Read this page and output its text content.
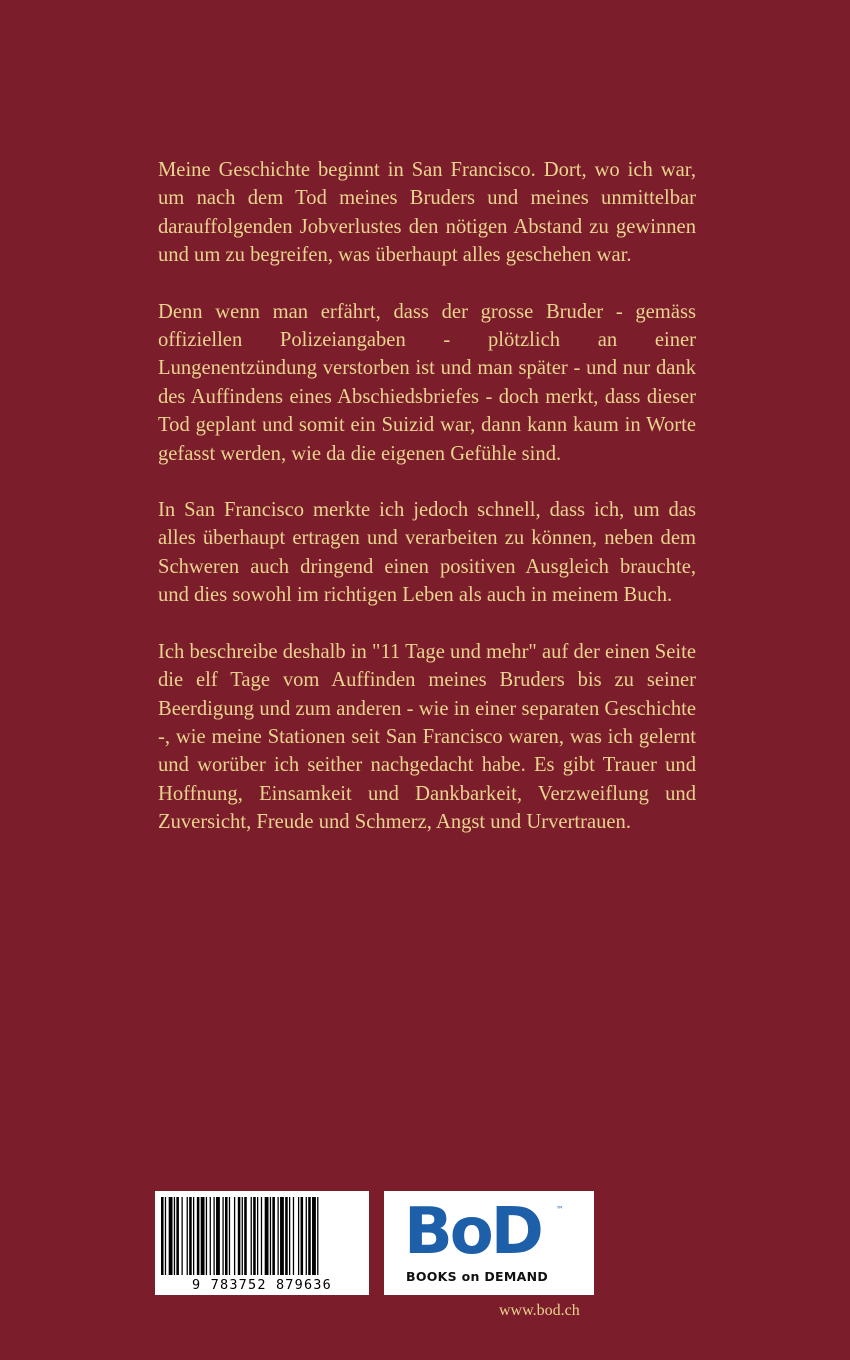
Meine Geschichte beginnt in San Francisco. Dort, wo ich war, um nach dem Tod meines Bruders und meines unmittelbar darauffolgenden Jobverlustes den nötigen Abstand zu gewinnen und um zu begreifen, was überhaupt alles geschehen war.

Denn wenn man erfährt, dass der grosse Bruder - gemäss offiziellen Polizeiangaben - plötzlich an einer Lungenentzündung verstorben ist und man später - und nur dank des Auffindens eines Abschiedsbriefes - doch merkt, dass dieser Tod geplant und somit ein Suizid war, dann kann kaum in Worte gefasst werden, wie da die eigenen Gefühle sind.

In San Francisco merkte ich jedoch schnell, dass ich, um das alles überhaupt ertragen und verarbeiten zu können, neben dem Schweren auch dringend einen positiven Ausgleich brauchte, und dies sowohl im richtigen Leben als auch in meinem Buch.

Ich beschreibe deshalb in "11 Tage und mehr" auf der einen Seite die elf Tage vom Auffinden meines Bruders bis zu seiner Beerdigung und zum anderen - wie in einer separaten Geschichte -, wie meine Stationen seit San Francisco waren, was ich gelernt und worüber ich seither nachgedacht habe. Es gibt Trauer und Hoffnung, Einsamkeit und Dankbarkeit, Verzweiflung und Zuversicht, Freude und Schmerz, Angst und Urvertrauen.

9 783752 879636
BoD ™
BOOKS on DEMAND
www.bod.ch
